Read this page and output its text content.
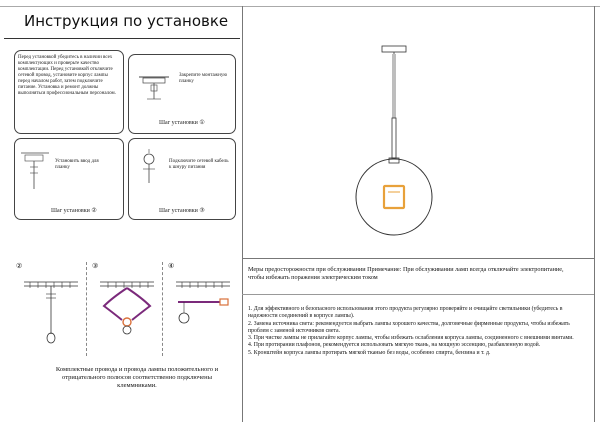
Инструкция по установке
Перед установкой убедитесь в наличии всех комплектующих и проверьте качество комплектации. Перед установкой отключите сетевой провод, установите корпус лампы перед началом работ, затем подключите питание. Установка и ремонт должны выполняться профессиональным персоналом.
Закрепите монтажную планку
Шаг установки ①
Установить ввод для планку
Шаг установки ②
Подключите сетевой кабель к шнуру питания
Шаг установки ③
②	③	④
Комплектные провода и провода лампы положительного и отрицательного полюсов соответственно подключены клеммниками.
Меры предосторожности при обслуживании Примечание: При обслуживании ламп всегда отключайте электропитание, чтобы избежать поражения электрическим током
1. Для эффективного и безопасного использования этого продукта регулярно проверяйте и очищайте светильники (убедитесь в надежности соединений в корпусе лампы).
2. Замена источника света: рекомендуется выбрать лампы хорошего качества, долговечные фирменные продукты, чтобы избежать проблем с заменой источников света.
3. При чистке лампы не прилагайте корпус лампы, чтобы избежать ослабления корпуса лампы, соединенного с внешними винтами.
4. При протирании плафонов, рекомендуется использовать мягкую ткань, на мощную эссенцию, разбавленную водой.
5. Кронштейн корпуса лампы протирать мягкой тканью без воды, особенно спирта, бензина и т. д.
